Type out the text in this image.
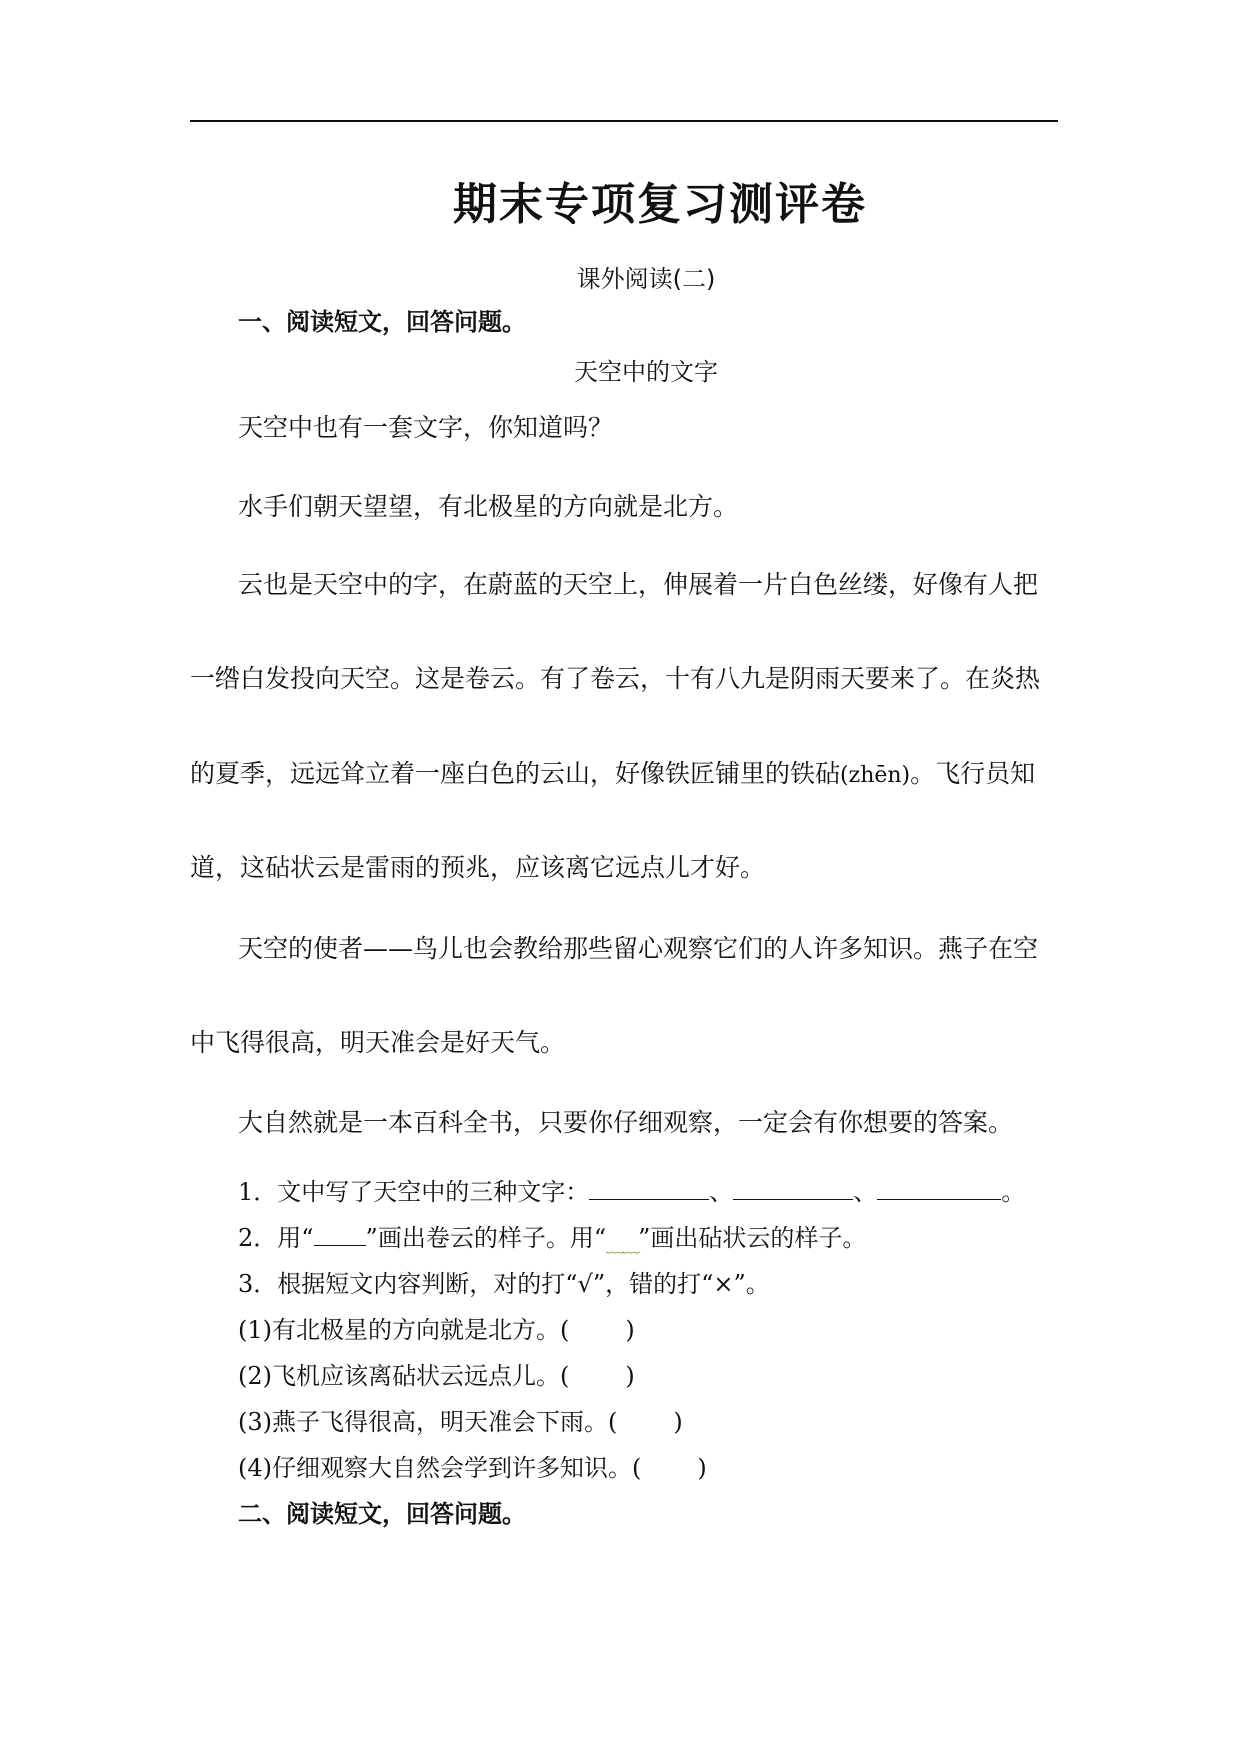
期末专项复习测评卷
课外阅读(二)
一、阅读短文，回答问题。
天空中的文字
天空中也有一套文字，你知道吗？
水手们朝天望望，有北极星的方向就是北方。
云也是天空中的字，在蔚蓝的天空上，伸展着一片白色丝缕，好像有人把
一绺白发投向天空。这是卷云。有了卷云，十有八九是阴雨天要来了。在炎热
的夏季，远远耸立着一座白色的云山，好像铁匠铺里的铁砧(zhēn)。飞行员知
道，这砧状云是雷雨的预兆，应该离它远点儿才好。
天空的使者——鸟儿也会教给那些留心观察它们的人许多知识。燕子在空
中飞得很高，明天准会是好天气。
大自然就是一本百科全书，只要你仔细观察，一定会有你想要的答案。
1．文中写了天空中的三种文字：	、	、	。
2．用“ ”画出卷云的样子。用“﹏﹏”画出砧状云的样子。
3．根据短文内容判断，对的打“√”，错的打“×”。
(1)有北极星的方向就是北方。( )
(2)飞机应该离砧状云远点儿。( )
(3)燕子飞得很高，明天准会下雨。( )
(4)仔细观察大自然会学到许多知识。( )
二、阅读短文，回答问题。
